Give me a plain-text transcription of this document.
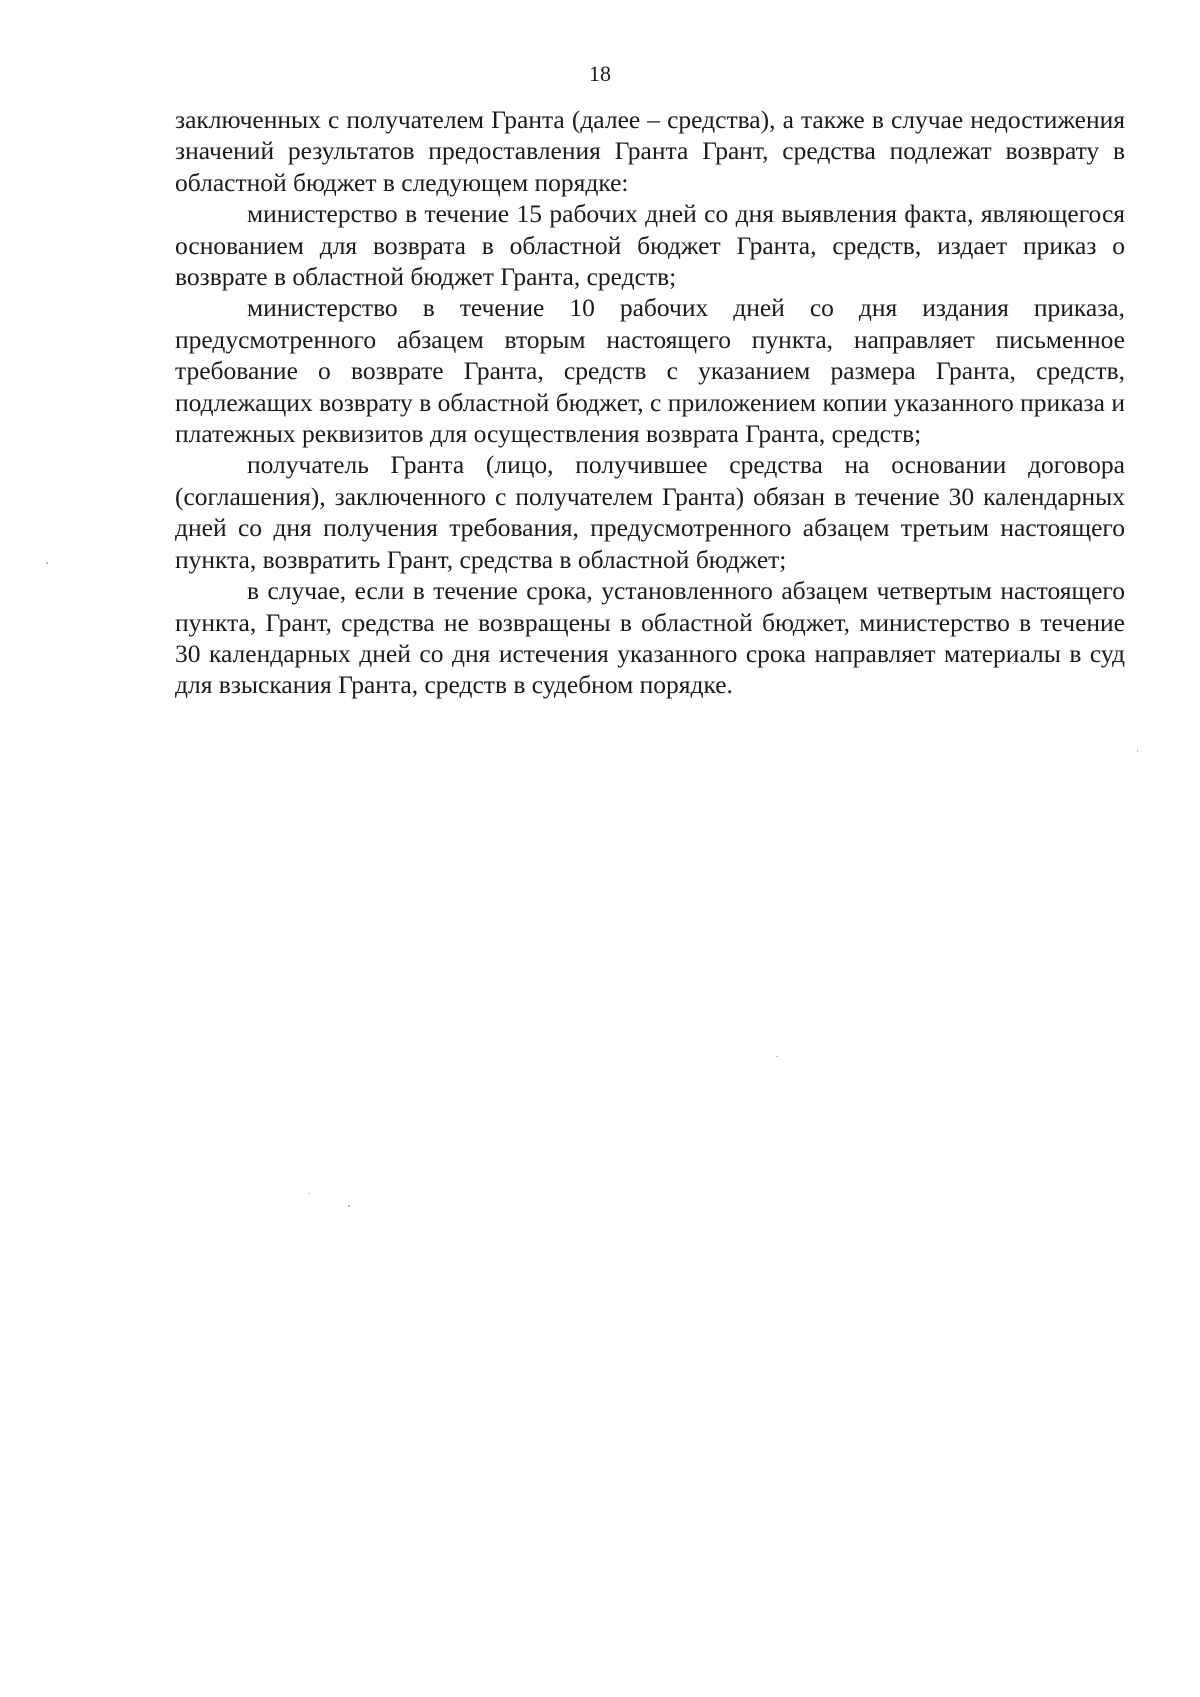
18

заключенных с получателем Гранта (далее – средства), а также в случае недостижения значений результатов предоставления Гранта Грант, средства подлежат возврату в областной бюджет в следующем порядке:

министерство в течение 15 рабочих дней со дня выявления факта, являющегося основанием для возврата в областной бюджет Гранта, средств, издает приказ о возврате в областной бюджет Гранта, средств;

министерство в течение 10 рабочих дней со дня издания приказа, предусмотренного абзацем вторым настоящего пункта, направляет письменное требование о возврате Гранта, средств с указанием размера Гранта, средств, подлежащих возврату в областной бюджет, с приложением копии указанного приказа и платежных реквизитов для осуществления возврата Гранта, средств;

получатель Гранта (лицо, получившее средства на основании договора (соглашения), заключенного с получателем Гранта) обязан в течение 30 календарных дней со дня получения требования, предусмотренного абзацем третьим настоящего пункта, возвратить Грант, средства в областной бюджет;

в случае, если в течение срока, установленного абзацем четвертым настоящего пункта, Грант, средства не возвращены в областной бюджет, министерство в течение 30 календарных дней со дня истечения указанного срока направляет материалы в суд для взыскания Гранта, средств в судебном порядке.
